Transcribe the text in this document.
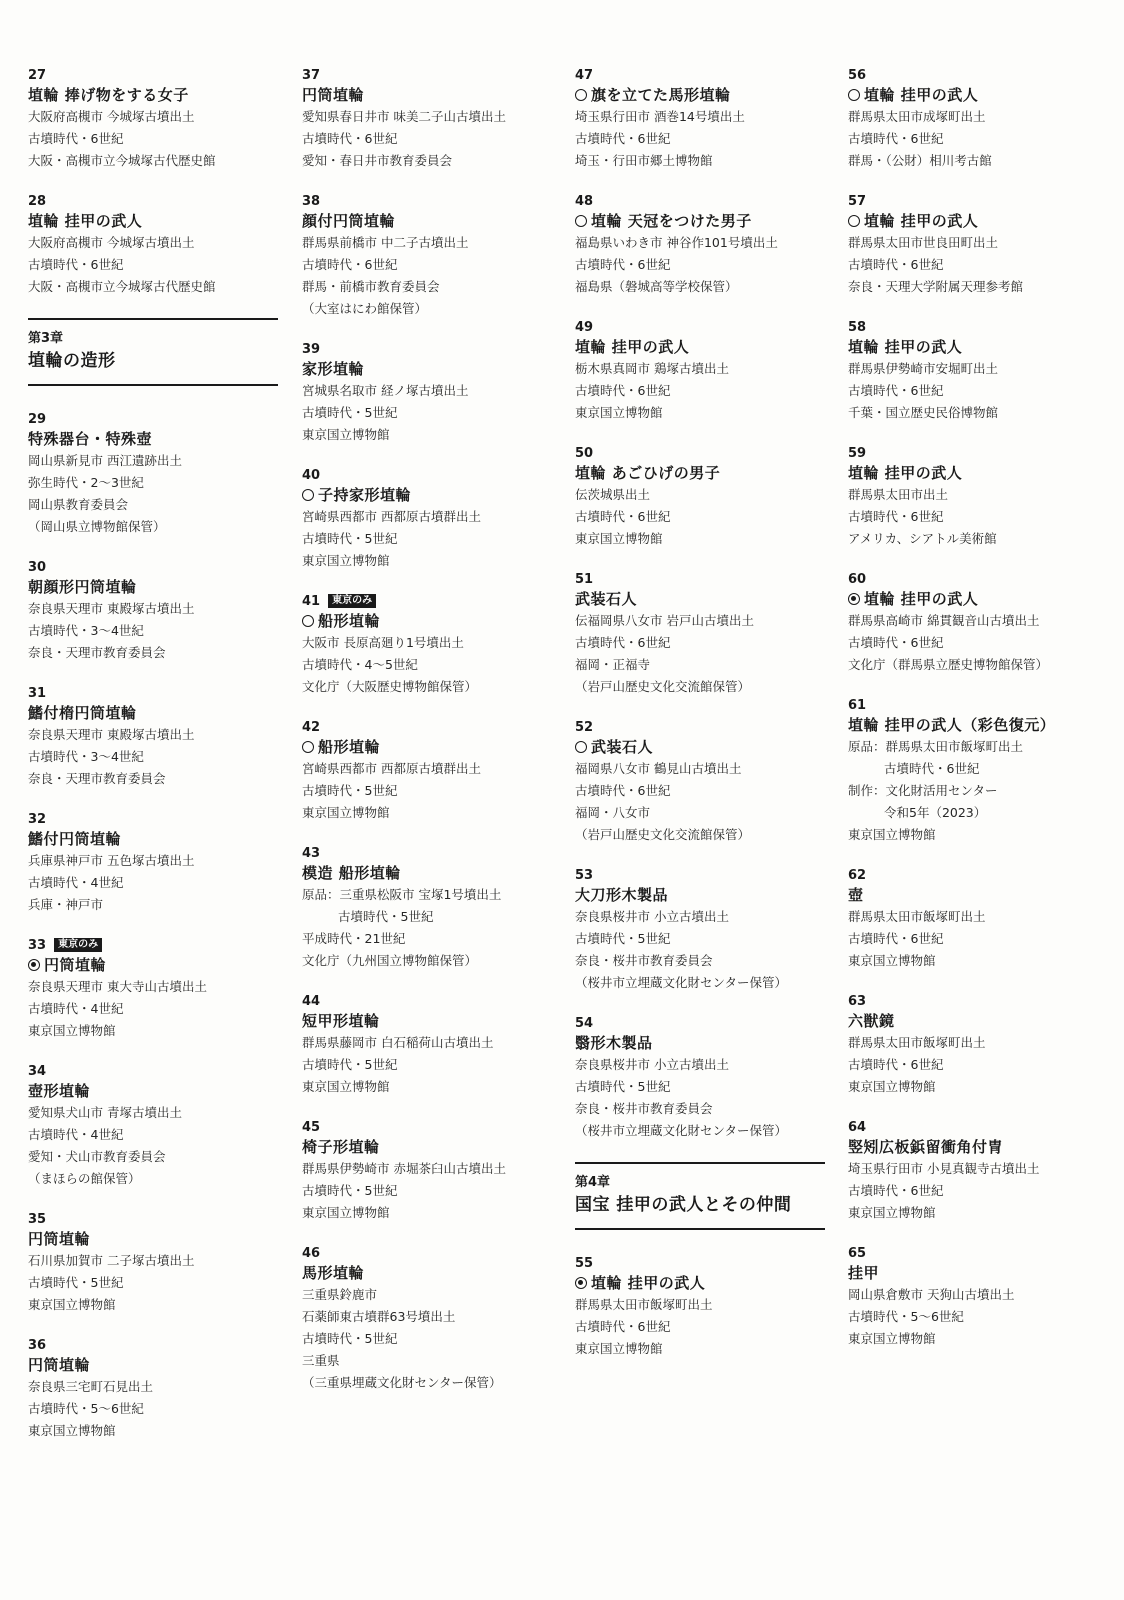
27
埴輪 捧げ物をする女子
大阪府高槻市 今城塚古墳出土
古墳時代・6世紀
大阪・高槻市立今城塚古代歴史館
28
埴輪 挂甲の武人
大阪府高槻市 今城塚古墳出土
古墳時代・6世紀
大阪・高槻市立今城塚古代歴史館
第3章
埴輪の造形
29
特殊器台・特殊壺
岡山県新見市 西江遺跡出土
弥生時代・2～3世紀
岡山県教育委員会
（岡山県立博物館保管）
30
朝顔形円筒埴輪
奈良県天理市 東殿塚古墳出土
古墳時代・3～4世紀
奈良・天理市教育委員会
31
鰭付楕円筒埴輪
奈良県天理市 東殿塚古墳出土
古墳時代・3～4世紀
奈良・天理市教育委員会
32
鰭付円筒埴輪
兵庫県神戸市 五色塚古墳出土
古墳時代・4世紀
兵庫・神戸市
33	東京のみ
円筒埴輪
奈良県天理市 東大寺山古墳出土
古墳時代・4世紀
東京国立博物館
34
壺形埴輪
愛知県犬山市 青塚古墳出土
古墳時代・4世紀
愛知・犬山市教育委員会
（まほらの館保管）
35
円筒埴輪
石川県加賀市 二子塚古墳出土
古墳時代・5世紀
東京国立博物館
36
円筒埴輪
奈良県三宅町石見出土
古墳時代・5～6世紀
東京国立博物館
37
円筒埴輪
愛知県春日井市 味美二子山古墳出土
古墳時代・6世紀
愛知・春日井市教育委員会
38
顔付円筒埴輪
群馬県前橋市 中二子古墳出土
古墳時代・6世紀
群馬・前橋市教育委員会
（大室はにわ館保管）
39
家形埴輪
宮城県名取市 経ノ塚古墳出土
古墳時代・5世紀
東京国立博物館
40
子持家形埴輪
宮崎県西都市 西都原古墳群出土
古墳時代・5世紀
東京国立博物館
41	東京のみ
船形埴輪
大阪市 長原高廻り1号墳出土
古墳時代・4～5世紀
文化庁（大阪歴史博物館保管）
42
船形埴輪
宮崎県西都市 西都原古墳群出土
古墳時代・5世紀
東京国立博物館
43
模造 船形埴輪
原品：三重県松阪市 宝塚1号墳出土
古墳時代・5世紀
平成時代・21世紀
文化庁（九州国立博物館保管）
44
短甲形埴輪
群馬県藤岡市 白石稲荷山古墳出土
古墳時代・5世紀
東京国立博物館
45
椅子形埴輪
群馬県伊勢崎市 赤堀茶臼山古墳出土
古墳時代・5世紀
東京国立博物館
46
馬形埴輪
三重県鈴鹿市
石薬師東古墳群63号墳出土
古墳時代・5世紀
三重県
（三重県埋蔵文化財センター保管）
47
旗を立てた馬形埴輪
埼玉県行田市 酒巻14号墳出土
古墳時代・6世紀
埼玉・行田市郷土博物館
48
埴輪 天冠をつけた男子
福島県いわき市 神谷作101号墳出土
古墳時代・6世紀
福島県（磐城高等学校保管）
49
埴輪 挂甲の武人
栃木県真岡市 鶏塚古墳出土
古墳時代・6世紀
東京国立博物館
50
埴輪 あごひげの男子
伝茨城県出土
古墳時代・6世紀
東京国立博物館
51
武装石人
伝福岡県八女市 岩戸山古墳出土
古墳時代・6世紀
福岡・正福寺
（岩戸山歴史文化交流館保管）
52
武装石人
福岡県八女市 鶴見山古墳出土
古墳時代・6世紀
福岡・八女市
（岩戸山歴史文化交流館保管）
53
大刀形木製品
奈良県桜井市 小立古墳出土
古墳時代・5世紀
奈良・桜井市教育委員会
（桜井市立埋蔵文化財センター保管）
54
翳形木製品
奈良県桜井市 小立古墳出土
古墳時代・5世紀
奈良・桜井市教育委員会
（桜井市立埋蔵文化財センター保管）
第4章
国宝 挂甲の武人とその仲間
55
埴輪 挂甲の武人
群馬県太田市飯塚町出土
古墳時代・6世紀
東京国立博物館
56
埴輪 挂甲の武人
群馬県太田市成塚町出土
古墳時代・6世紀
群馬・（公財）相川考古館
57
埴輪 挂甲の武人
群馬県太田市世良田町出土
古墳時代・6世紀
奈良・天理大学附属天理参考館
58
埴輪 挂甲の武人
群馬県伊勢崎市安堀町出土
古墳時代・6世紀
千葉・国立歴史民俗博物館
59
埴輪 挂甲の武人
群馬県太田市出土
古墳時代・6世紀
アメリカ、シアトル美術館
60
埴輪 挂甲の武人
群馬県高崎市 綿貫観音山古墳出土
古墳時代・6世紀
文化庁（群馬県立歴史博物館保管）
61
埴輪 挂甲の武人（彩色復元）
原品：群馬県太田市飯塚町出土
古墳時代・6世紀
制作：文化財活用センター
令和5年（2023）
東京国立博物館
62
壺
群馬県太田市飯塚町出土
古墳時代・6世紀
東京国立博物館
63
六獣鏡
群馬県太田市飯塚町出土
古墳時代・6世紀
東京国立博物館
64
竪矧広板鋲留衝角付冑
埼玉県行田市 小見真観寺古墳出土
古墳時代・6世紀
東京国立博物館
65
挂甲
岡山県倉敷市 天狗山古墳出土
古墳時代・5～6世紀
東京国立博物館
